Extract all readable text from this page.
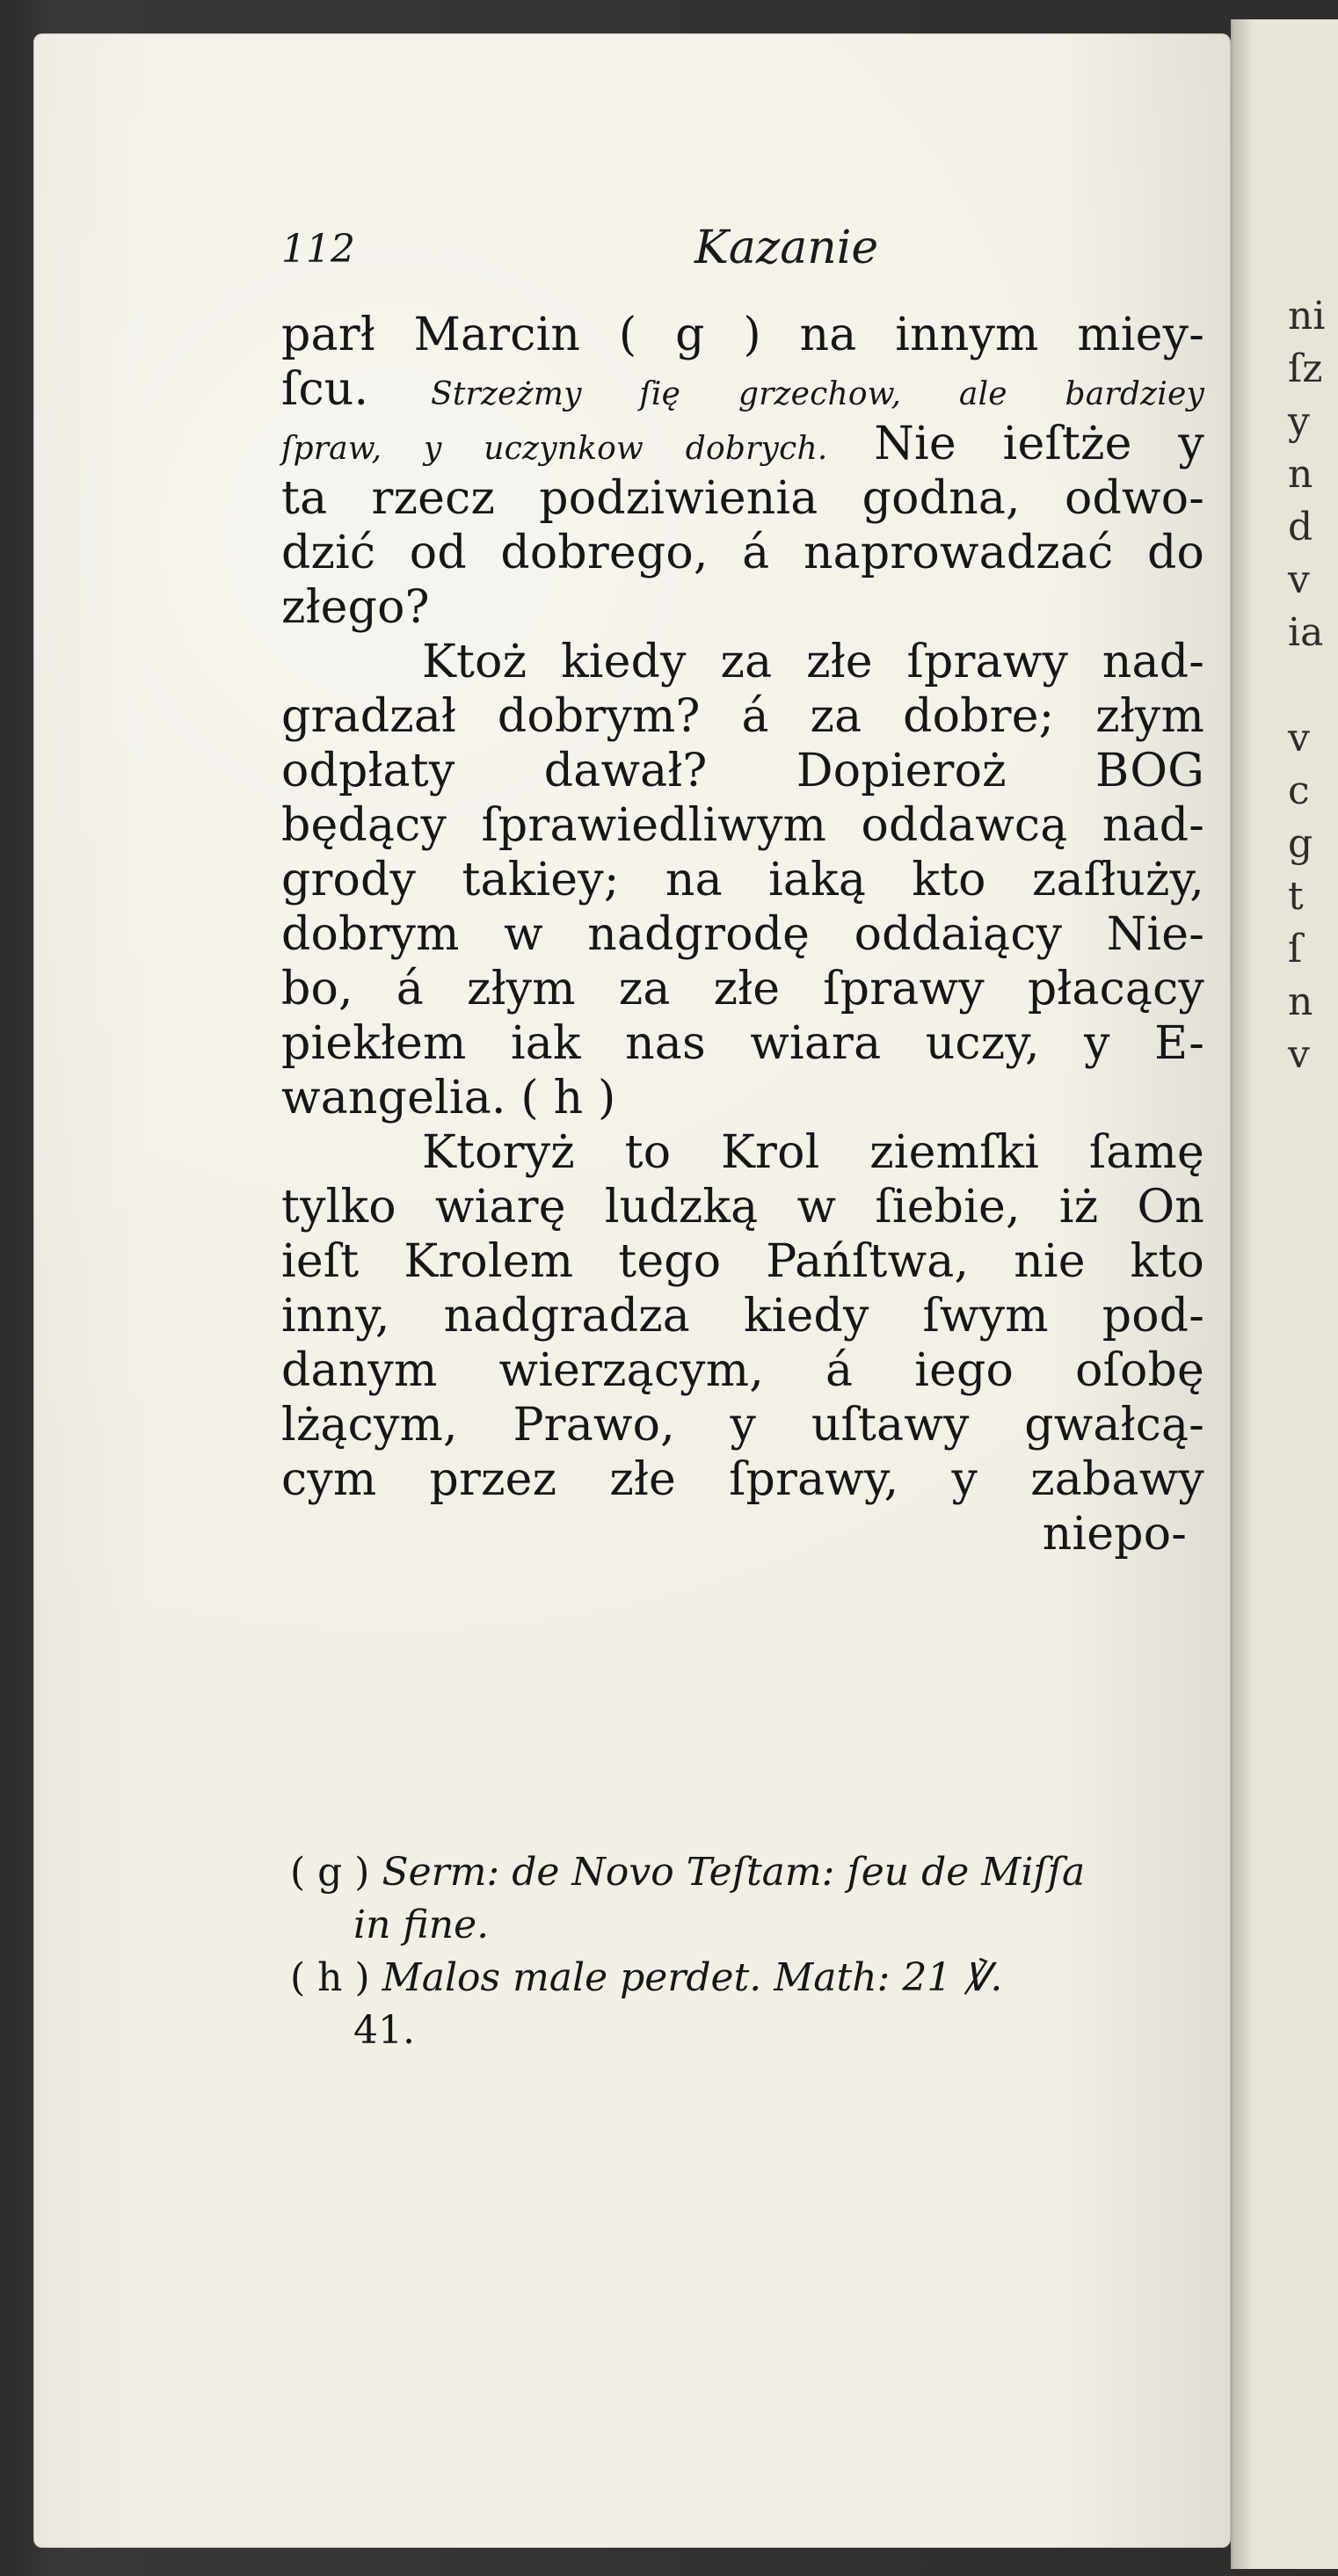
ni
ſz
y
n
d
v
ia
v
c
g
t
ſ
n
v
112	Kazanie
parł Marcin ( g ) na innym miey-
ſcu. Strzeżmy ſię grzechow, ale bardziey
ſpraw, y uczynkow dobrych. Nie ieſtże y
ta rzecz podziwienia godna, odwo-
dzić od dobrego, á naprowadzać do
złego?
Ktoż kiedy za złe ſprawy nad-
gradzał dobrym? á za dobre; złym
odpłaty dawał? Dopieroż BOG
będący ſprawiedliwym oddawcą nad-
grody takiey; na iaką kto zaſłuży,
dobrym w nadgrodę oddaiący Nie-
bo, á złym za złe ſprawy płacący
piekłem iak nas wiara uczy, y E-
wangelia. ( h )
Ktoryż to Krol ziemſki ſamę
tylko wiarę ludzką w ſiebie, iż On
ieſt Krolem tego Pańſtwa, nie kto
inny, nadgradza kiedy ſwym pod-
danym wierzącym, á iego oſobę
lżącym, Prawo, y uſtawy gwałcą-
cym przez złe ſprawy, y zabawy
niepo-
( g ) Serm: de Novo Teſtam: ſeu de Miſſa
in fine.
( h ) Malos male perdet. Math: 21 ℣.
41.
